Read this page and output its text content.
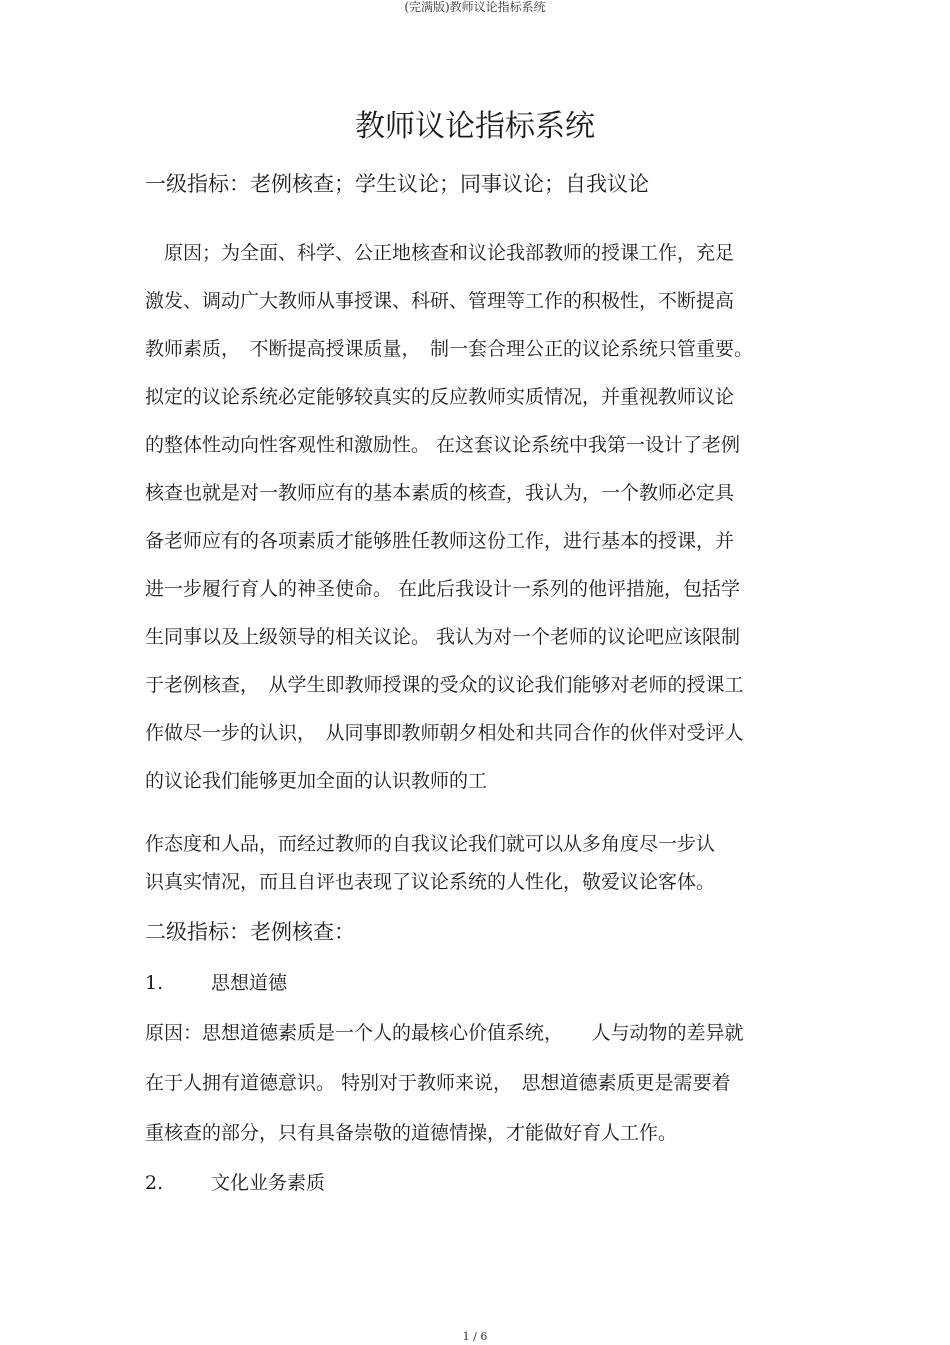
(完满版)教师议论指标系统
教师议论指标系统
一级指标：老例核查；学生议论；同事议论；自我议论
　原因；为全面、科学、公正地核查和议论我部教师的授课工作，充足
激发、调动广大教师从事授课、科研、管理等工作的积极性，不断提高
教师素质，　不断提高授课质量，　制一套合理公正的议论系统只管重要。
拟定的议论系统必定能够较真实的反应教师实质情况，并重视教师议论
的整体性动向性客观性和激励性。 在这套议论系统中我第一设计了老例
核查也就是对一教师应有的基本素质的核查，我认为，一个教师必定具
备老师应有的各项素质才能够胜任教师这份工作，进行基本的授课，并
进一步履行育人的神圣使命。 在此后我设计一系列的他评措施，包括学
生同事以及上级领导的相关议论。 我认为对一个老师的议论吧应该限制
于老例核查，　从学生即教师授课的受众的议论我们能够对老师的授课工
作做尽一步的认识，　从同事即教师朝夕相处和共同合作的伙伴对受评人
的议论我们能够更加全面的认识教师的工
作态度和人品，而经过教师的自我议论我们就可以从多角度尽一步认
识真实情况，而且自评也表现了议论系统的人性化，敬爱议论客体。
二级指标：老例核查：
1.	思想道德
原因：思想道德素质是一个人的最核心价值系统，　　人与动物的差异就
在于人拥有道德意识。 特别对于教师来说，　思想道德素质更是需要着
重核查的部分，只有具备崇敬的道德情操，才能做好育人工作。
2.	文化业务素质
1 / 6
